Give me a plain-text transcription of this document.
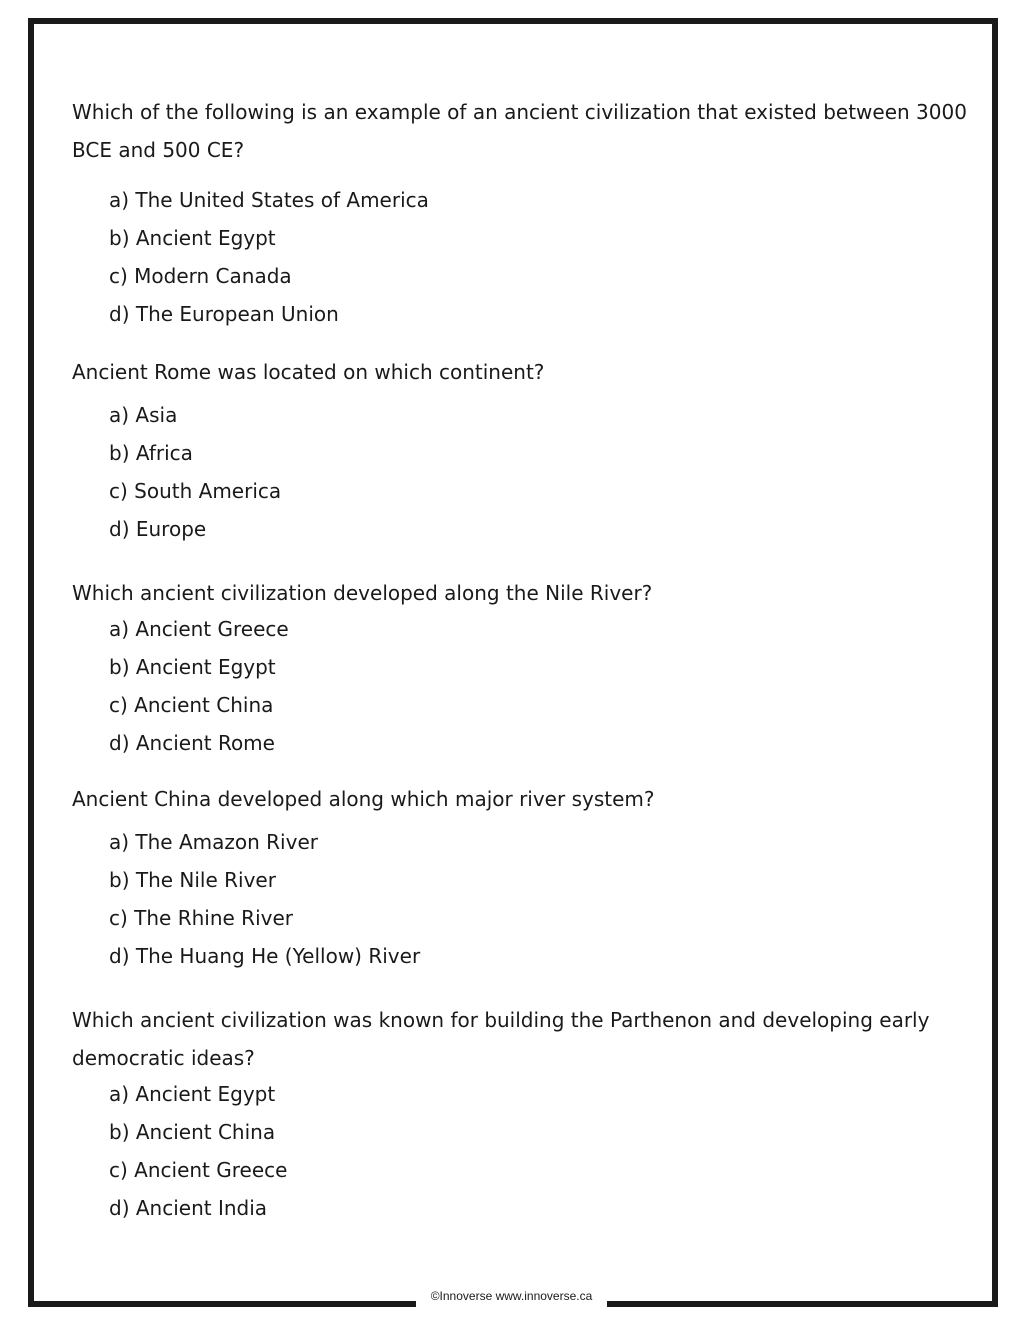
Which of the following is an example of an ancient civilization that existed between 3000 BCE and 500 CE?

a) The United States of America
b) Ancient Egypt
c) Modern Canada
d) The European Union

Ancient Rome was located on which continent?

a) Asia
b) Africa
c) South America
d) Europe

Which ancient civilization developed along the Nile River?

a) Ancient Greece
b) Ancient Egypt
c) Ancient China
d) Ancient Rome

Ancient China developed along which major river system?

a) The Amazon River
b) The Nile River
c) The Rhine River
d) The Huang He (Yellow) River

Which ancient civilization was known for building the Parthenon and developing early democratic ideas?

a) Ancient Egypt
b) Ancient China
c) Ancient Greece
d) Ancient India
©Innoverse www.innoverse.ca
